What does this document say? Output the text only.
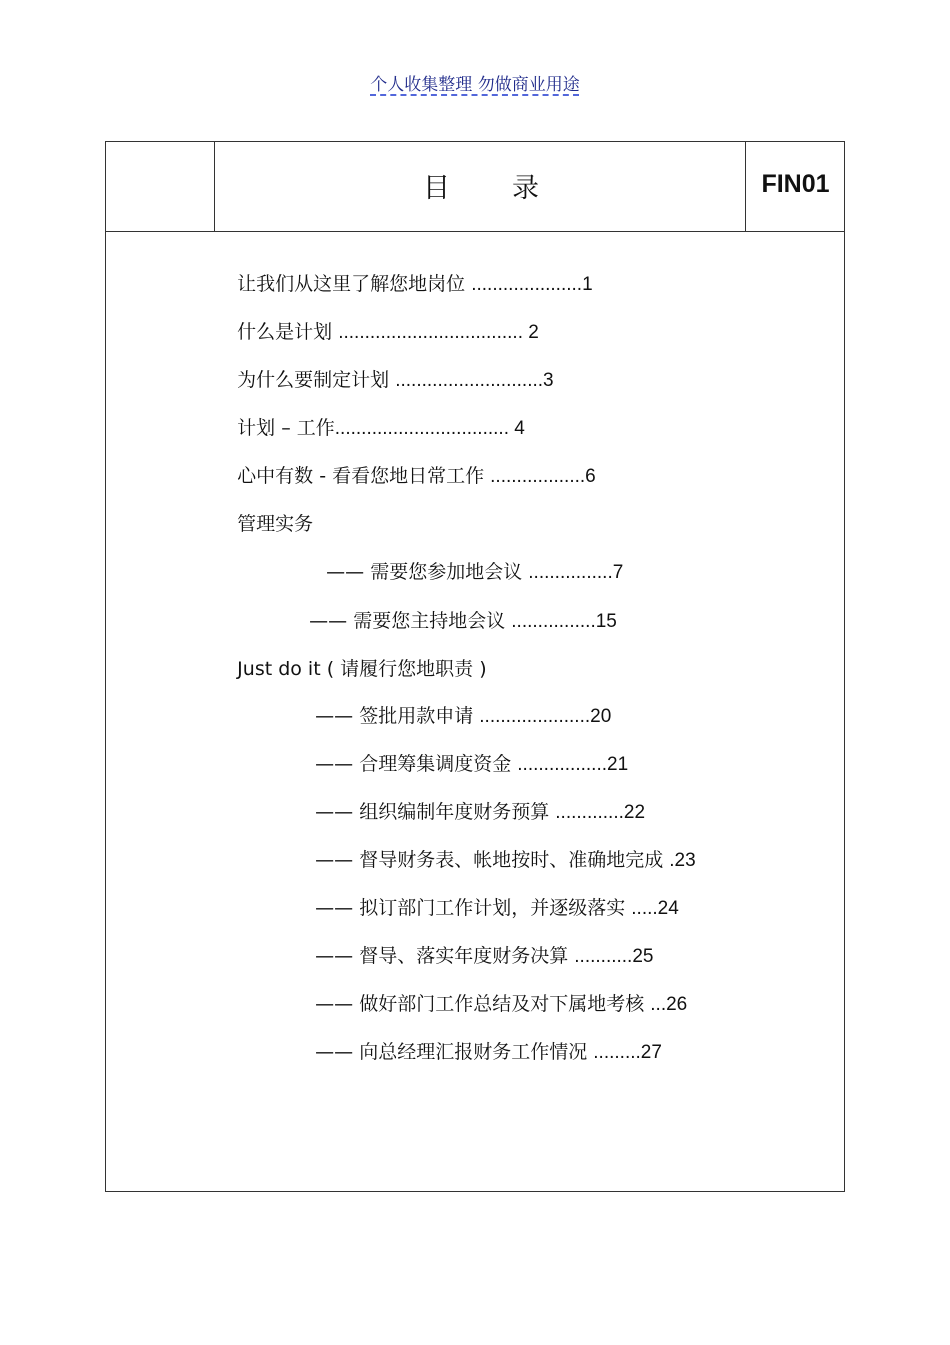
个人收集整理 勿做商业用途
目录	FIN01

让我们从这里了解您地岗位 .....................1

什么是计划 ................................... 2

为什么要制定计划 ............................3

计划 – 工作................................. 4

心中有数 - 看看您地日常工作 ..................6

管理实务

—— 需要您参加地会议 ................7

—— 需要您主持地会议 ................15

Just do it ( 请履行您地职责 )

—— 签批用款申请 .....................20

—— 合理筹集调度资金 .................21

—— 组织编制年度财务预算 .............22

—— 督导财务表、帐地按时、准确地完成 .23

—— 拟订部门工作计划，并逐级落实 .....24

—— 督导、落实年度财务决算 ...........25

—— 做好部门工作总结及对下属地考核 ...26

—— 向总经理汇报财务工作情况 .........27
